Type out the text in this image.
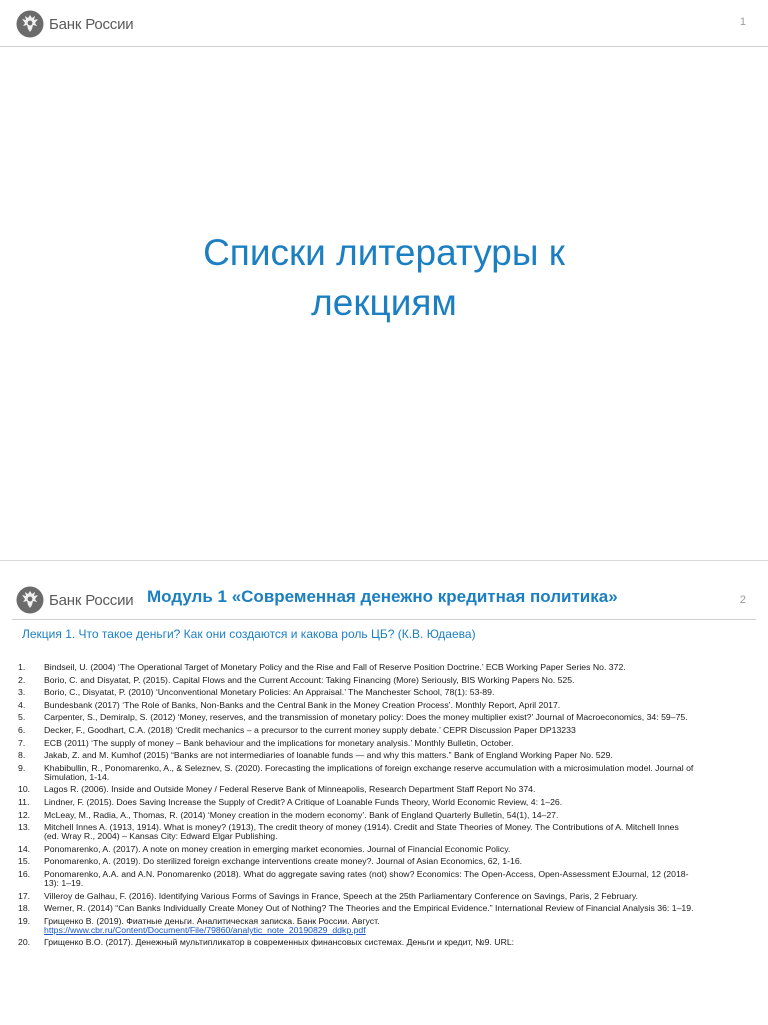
Банк России	1
Списки литературы к лекциям
Банк России Модуль 1 «Современная денежно кредитная политика»	2
Лекция 1. Что такое деньги? Как они создаются и какова роль ЦБ? (К.В. Юдаева)
1.	Bindseil, U. (2004) ‘The Operational Target of Monetary Policy and the Rise and Fall of Reserve Position Doctrine.’ ECB Working Paper Series No. 372.
2.	Borio, C. and Disyatat, P. (2015). Capital Flows and the Current Account: Taking Financing (More) Seriously, BIS Working Papers No. 525.
3.	Borio, C., Disyatat, P. (2010) ‘Unconventional Monetary Policies: An Appraisal.’ The Manchester School, 78(1): 53-89.
4.	Bundesbank (2017) ‘The Role of Banks, Non-Banks and the Central Bank in the Money Creation Process’. Monthly Report, April 2017.
5.	Carpenter, S., Demiralp, S. (2012) ‘Money, reserves, and the transmission of monetary policy: Does the money multiplier exist?’ Journal of Macroeconomics, 34: 59–75.
6.	Decker, F., Goodhart, C.A. (2018) ‘Credit mechanics – a precursor to the current money supply debate.’ CEPR Discussion Paper DP13233
7.	ECB (2011) ‘The supply of money – Bank behaviour and the implications for monetary analysis.’ Monthly Bulletin, October.
8.	Jakab, Z. and M. Kumhof (2015) “Banks are not intermediaries of loanable funds — and why this matters.” Bank of England Working Paper No. 529.
9.	Khabibullin, R., Ponomarenko, A., & Seleznev, S. (2020). Forecasting the implications of foreign exchange reserve accumulation with a microsimulation model. Journal of Simulation, 1-14.
10.	Lagos R. (2006). Inside and Outside Money / Federal Reserve Bank of Minneapolis, Research Department Staff Report No 374.
11.	Lindner, F. (2015). Does Saving Increase the Supply of Credit? A Critique of Loanable Funds Theory, World Economic Review, 4: 1–26.
12.	McLeay, M., Radia, A., Thomas, R. (2014) ‘Money creation in the modern economy’. Bank of England Quarterly Bulletin, 54(1), 14–27.
13.	Mitchell Innes A. (1913, 1914). What is money? (1913), The credit theory of money (1914). Credit and State Theories of Money. The Contributions of A. Mitchell Innes (ed. Wray R., 2004) – Kansas City: Edward Elgar Publishing.
14.	Ponomarenko, A. (2017). A note on money creation in emerging market economies. Journal of Financial Economic Policy.
15.	Ponomarenko, A. (2019). Do sterilized foreign exchange interventions create money?. Journal of Asian Economics, 62, 1-16.
16.	Ponomarenko, A.A. and A.N. Ponomarenko (2018). What do aggregate saving rates (not) show? Economics: The Open-Access, Open-Assessment EJournal, 12 (2018-13): 1–19.
17.	Villeroy de Galhau, F. (2016). Identifying Various Forms of Savings in France, Speech at the 25th Parliamentary Conference on Savings, Paris, 2 February.
18.	Werner, R. (2014) “Can Banks Individually Create Money Out of Nothing? The Theories and the Empirical Evidence.” International Review of Financial Analysis 36: 1–19.
19.	Грищенко В. (2019). Фиатные деньги. Аналитическая записка. Банк России. Август.
https://www.cbr.ru/Content/Document/File/79860/analytic_note_20190829_ddkp.pdf
20.	Грищенко В.О. (2017). Денежный мультипликатор в современных финансовых системах. Деньги и кредит, №9. URL:
